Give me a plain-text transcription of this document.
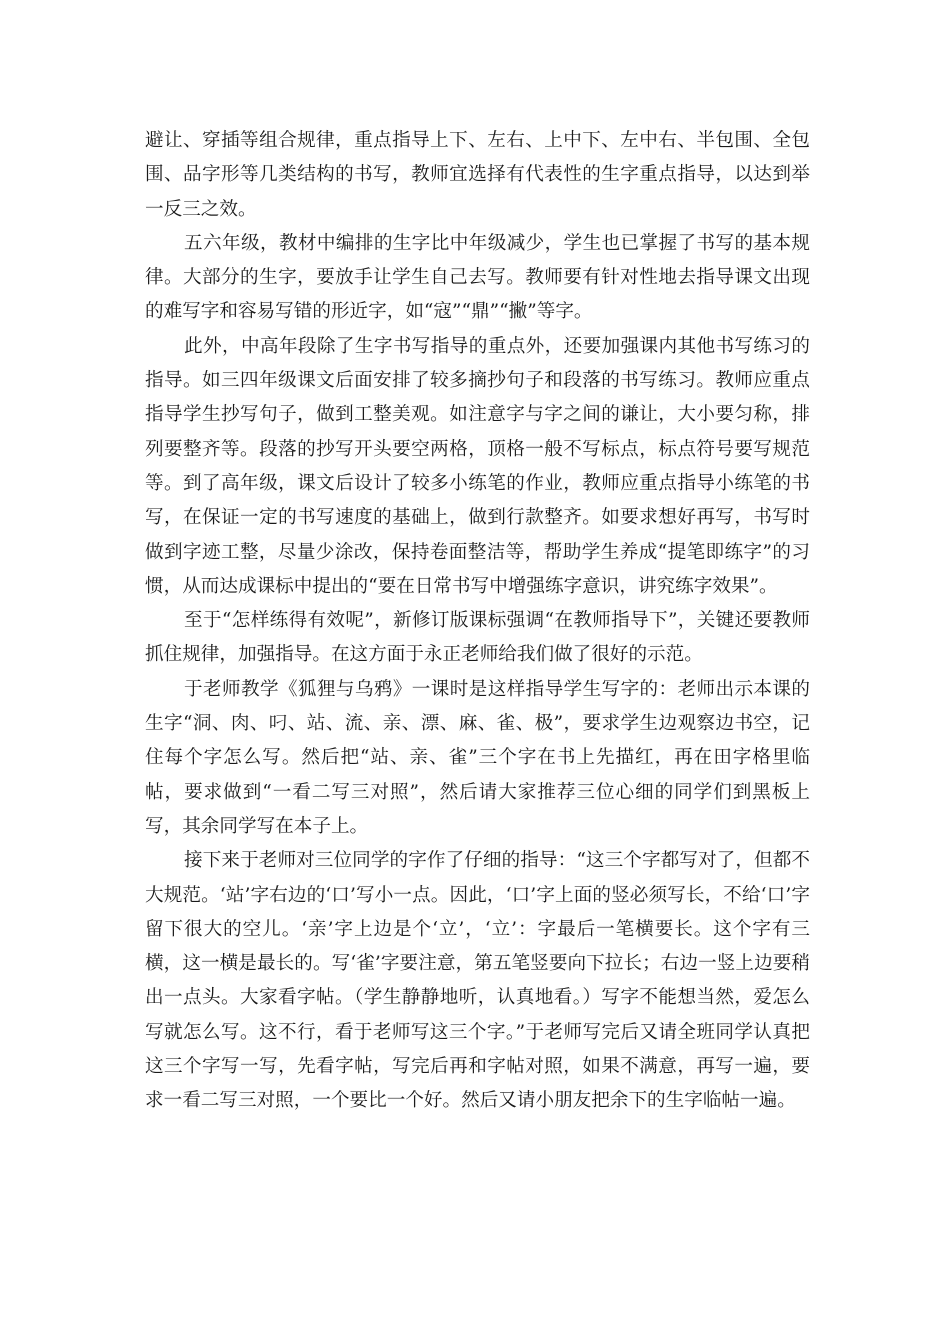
避让、穿插等组合规律，重点指导上下、左右、上中下、左中右、半包围、全包围、品字形等几类结构的书写，教师宜选择有代表性的生字重点指导，以达到举一反三之效。

五六年级，教材中编排的生字比中年级减少，学生也已掌握了书写的基本规律。大部分的生字，要放手让学生自己去写。教师要有针对性地去指导课文出现的难写字和容易写错的形近字，如“寇”“鼎”“撇”等字。

此外，中高年段除了生字书写指导的重点外，还要加强课内其他书写练习的指导。如三四年级课文后面安排了较多摘抄句子和段落的书写练习。教师应重点指导学生抄写句子，做到工整美观。如注意字与字之间的谦让，大小要匀称，排列要整齐等。段落的抄写开头要空两格，顶格一般不写标点，标点符号要写规范等。到了高年级，课文后设计了较多小练笔的作业，教师应重点指导小练笔的书写，在保证一定的书写速度的基础上，做到行款整齐。如要求想好再写，书写时做到字迹工整，尽量少涂改，保持卷面整洁等，帮助学生养成“提笔即练字”的习惯，从而达成课标中提出的“要在日常书写中增强练字意识，讲究练字效果”。

至于“怎样练得有效呢”，新修订版课标强调“在教师指导下”，关键还要教师抓住规律，加强指导。在这方面于永正老师给我们做了很好的示范。

于老师教学《狐狸与乌鸦》一课时是这样指导学生写字的：老师出示本课的生字“洞、肉、叼、站、流、亲、漂、麻、雀、极”，要求学生边观察边书空，记住每个字怎么写。然后把“站、亲、雀”三个字在书上先描红，再在田字格里临帖，要求做到“一看二写三对照”，然后请大家推荐三位心细的同学们到黑板上写，其余同学写在本子上。

接下来于老师对三位同学的字作了仔细的指导：“这三个字都写对了，但都不大规范。‘站’字右边的‘口’写小一点。因此，‘口’字上面的竖必须写长，不给‘口’字留下很大的空儿。‘亲’字上边是个‘立’，‘立’：字最后一笔横要长。这个字有三横，这一横是最长的。写‘雀’字要注意，第五笔竖要向下拉长；右边一竖上边要稍出一点头。大家看字帖。（学生静静地听，认真地看。）写字不能想当然，爱怎么写就怎么写。这不行，看于老师写这三个字。”于老师写完后又请全班同学认真把这三个字写一写，先看字帖，写完后再和字帖对照，如果不满意，再写一遍，要求一看二写三对照，一个要比一个好。然后又请小朋友把余下的生字临帖一遍。
